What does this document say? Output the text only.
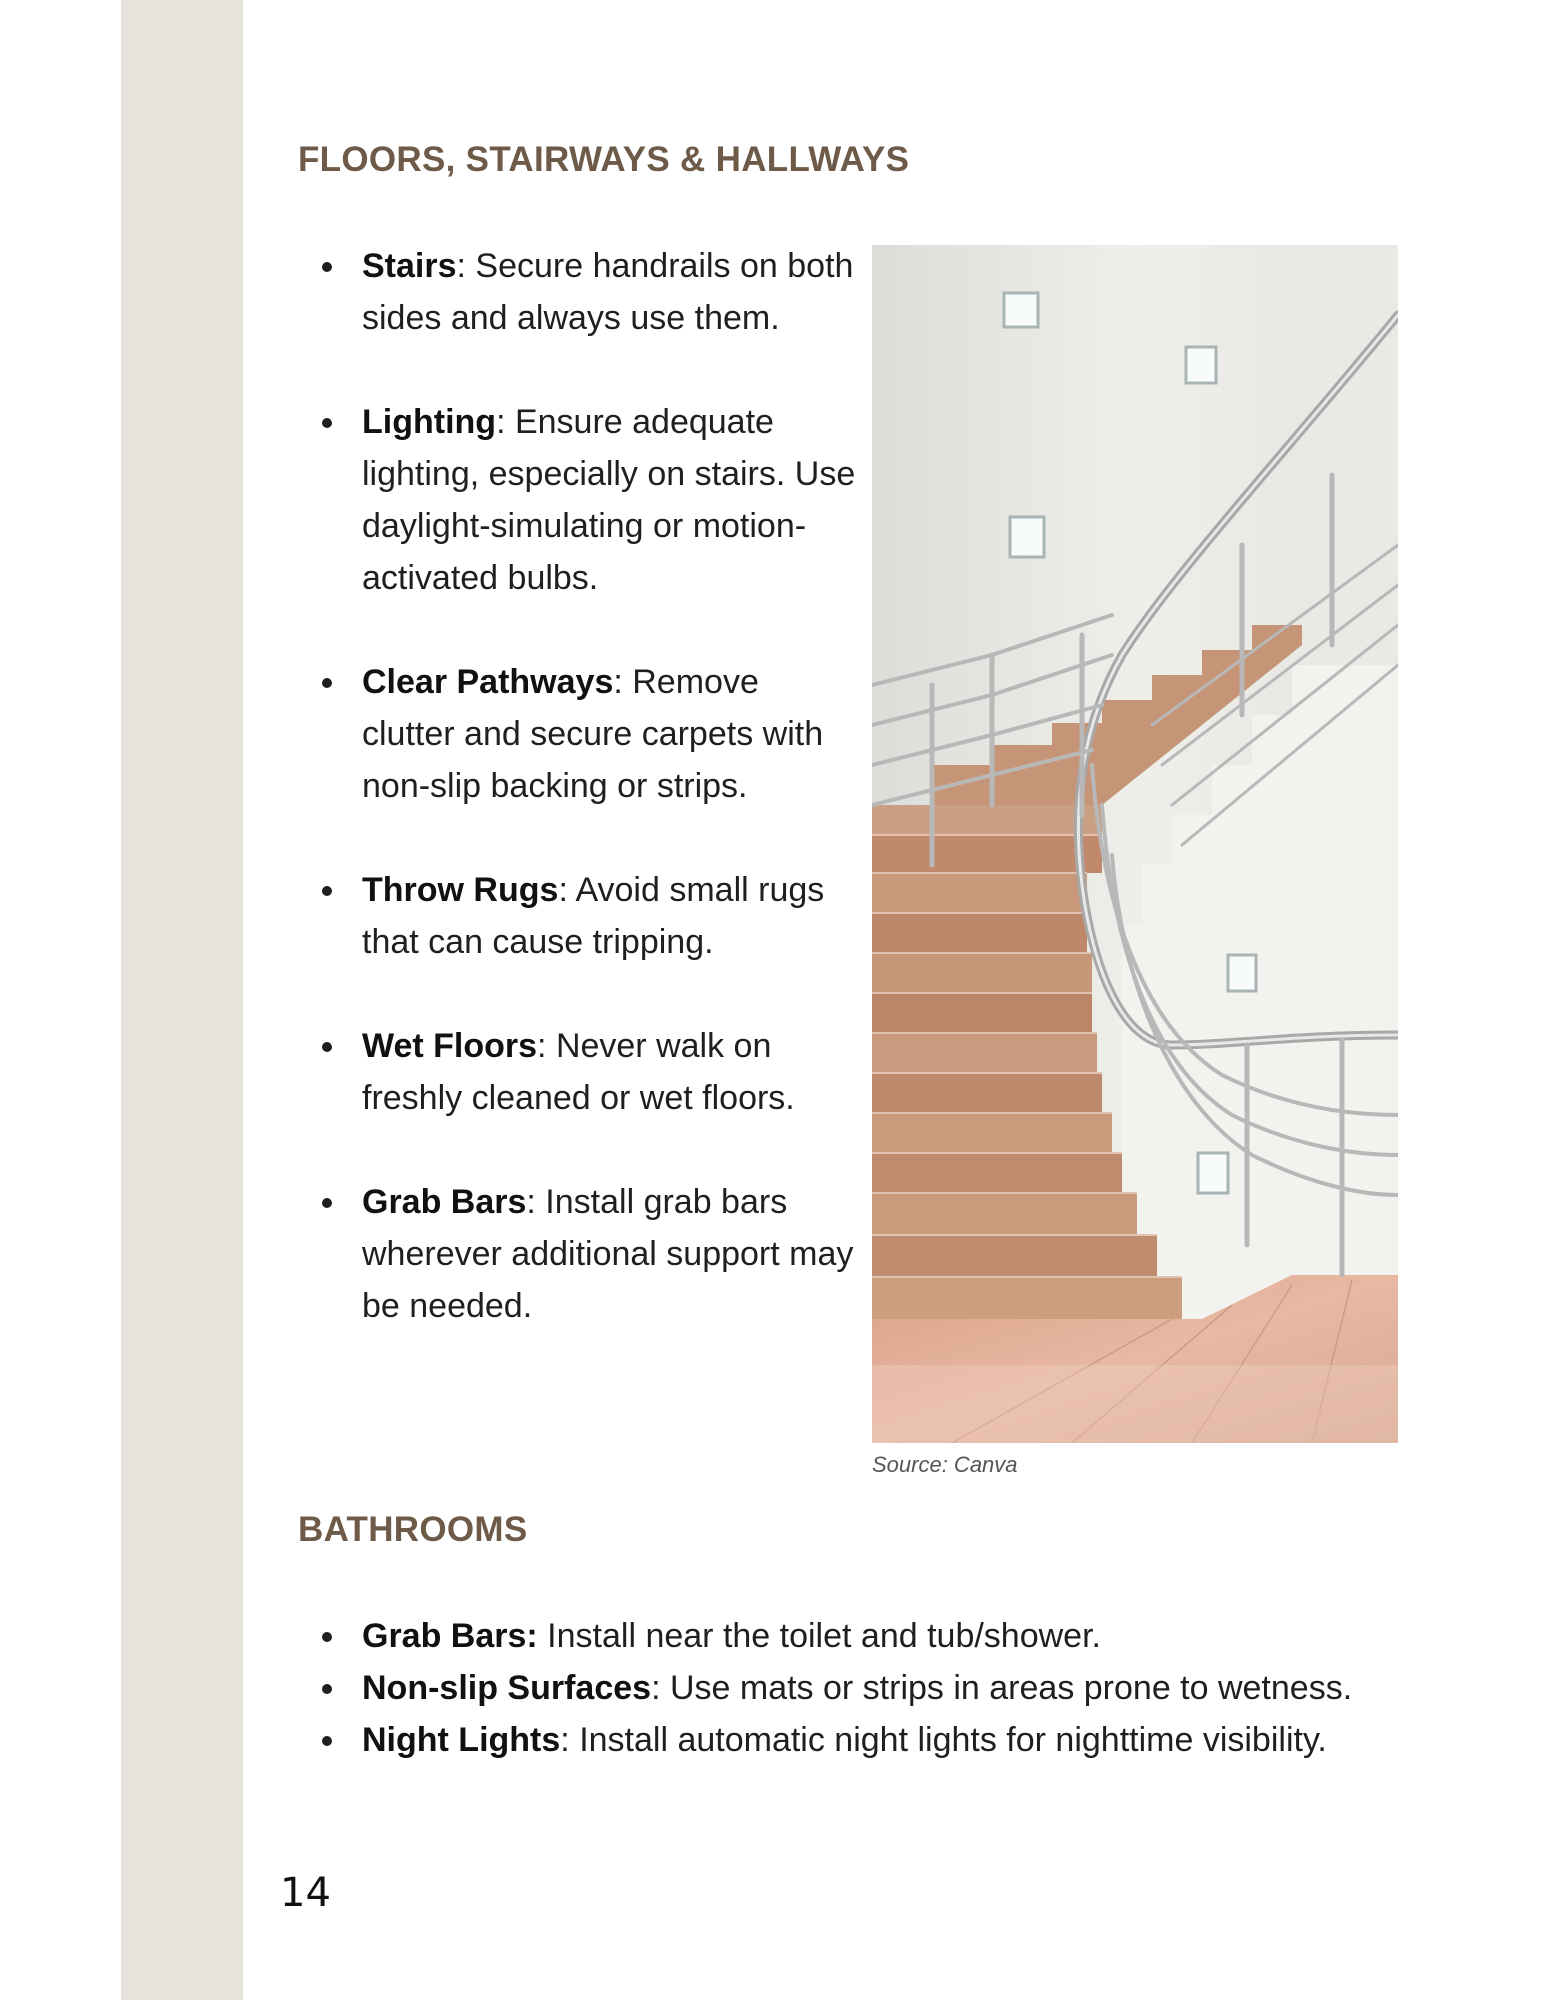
FLOORS, STAIRWAYS & HALLWAYS
Stairs: Secure handrails on both sides and always use them.
Lighting: Ensure adequate lighting, especially on stairs. Use daylight-simulating or motion-activated bulbs.
Clear Pathways: Remove clutter and secure carpets with non-slip backing or strips.
Throw Rugs: Avoid small rugs that can cause tripping.
Wet Floors: Never walk on freshly cleaned or wet floors.
Grab Bars: Install grab bars wherever additional support may be needed.
Source: Canva
BATHROOMS
Grab Bars: Install near the toilet and tub/shower.
Non-slip Surfaces: Use mats or strips in areas prone to wetness.
Night Lights: Install automatic night lights for nighttime visibility.
14
